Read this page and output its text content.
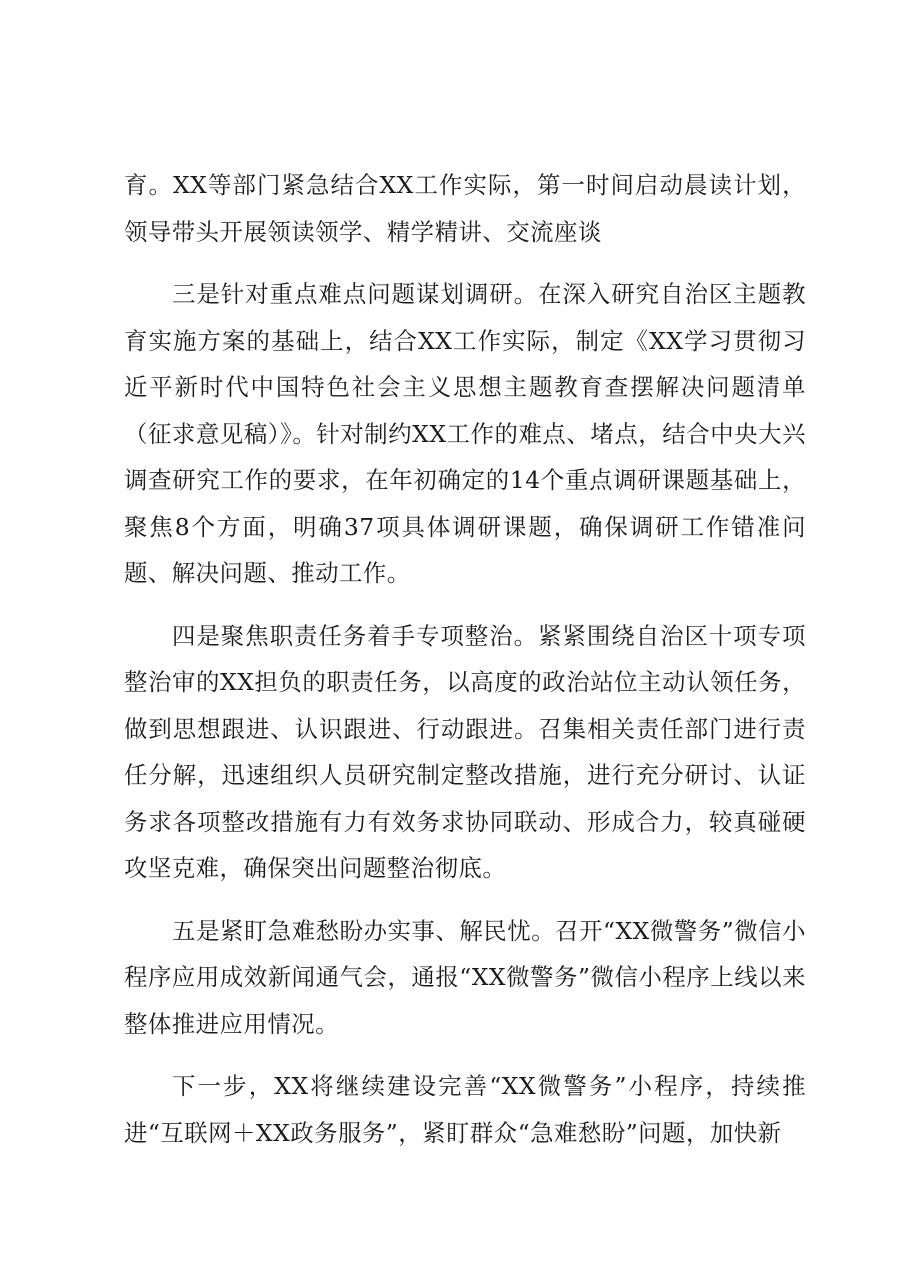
育。XX等部门紧急结合XX工作实际，第一时间启动晨读计划，领导带头开展领读领学、精学精讲、交流座谈

三是针对重点难点问题谋划调研。在深入研究自治区主题教育实施方案的基础上，结合XX工作实际，制定《XX学习贯彻习近平新时代中国特色社会主义思想主题教育查摆解决问题清单（征求意见稿）》。针对制约XX工作的难点、堵点，结合中央大兴调查研究工作的要求，在年初确定的14个重点调研课题基础上，聚焦8个方面，明确37项具体调研课题，确保调研工作错准问题、解决问题、推动工作。

四是聚焦职责任务着手专项整治。紧紧围绕自治区十项专项整治审的XX担负的职责任务，以高度的政治站位主动认领任务，做到思想跟进、认识跟进、行动跟进。召集相关责任部门进行责任分解，迅速组织人员研究制定整改措施，进行充分研讨、认证务求各项整改措施有力有效务求协同联动、形成合力，较真碰硬攻坚克难，确保突出问题整治彻底。

五是紧盯急难愁盼办实事、解民忧。召开“XX微警务”微信小程序应用成效新闻通气会，通报“XX微警务”微信小程序上线以来整体推进应用情况。

下一步，XX将继续建设完善“XX微警务”小程序，持续推进“互联网＋XX政务服务”，紧盯群众“急难愁盼”问题，加快新
